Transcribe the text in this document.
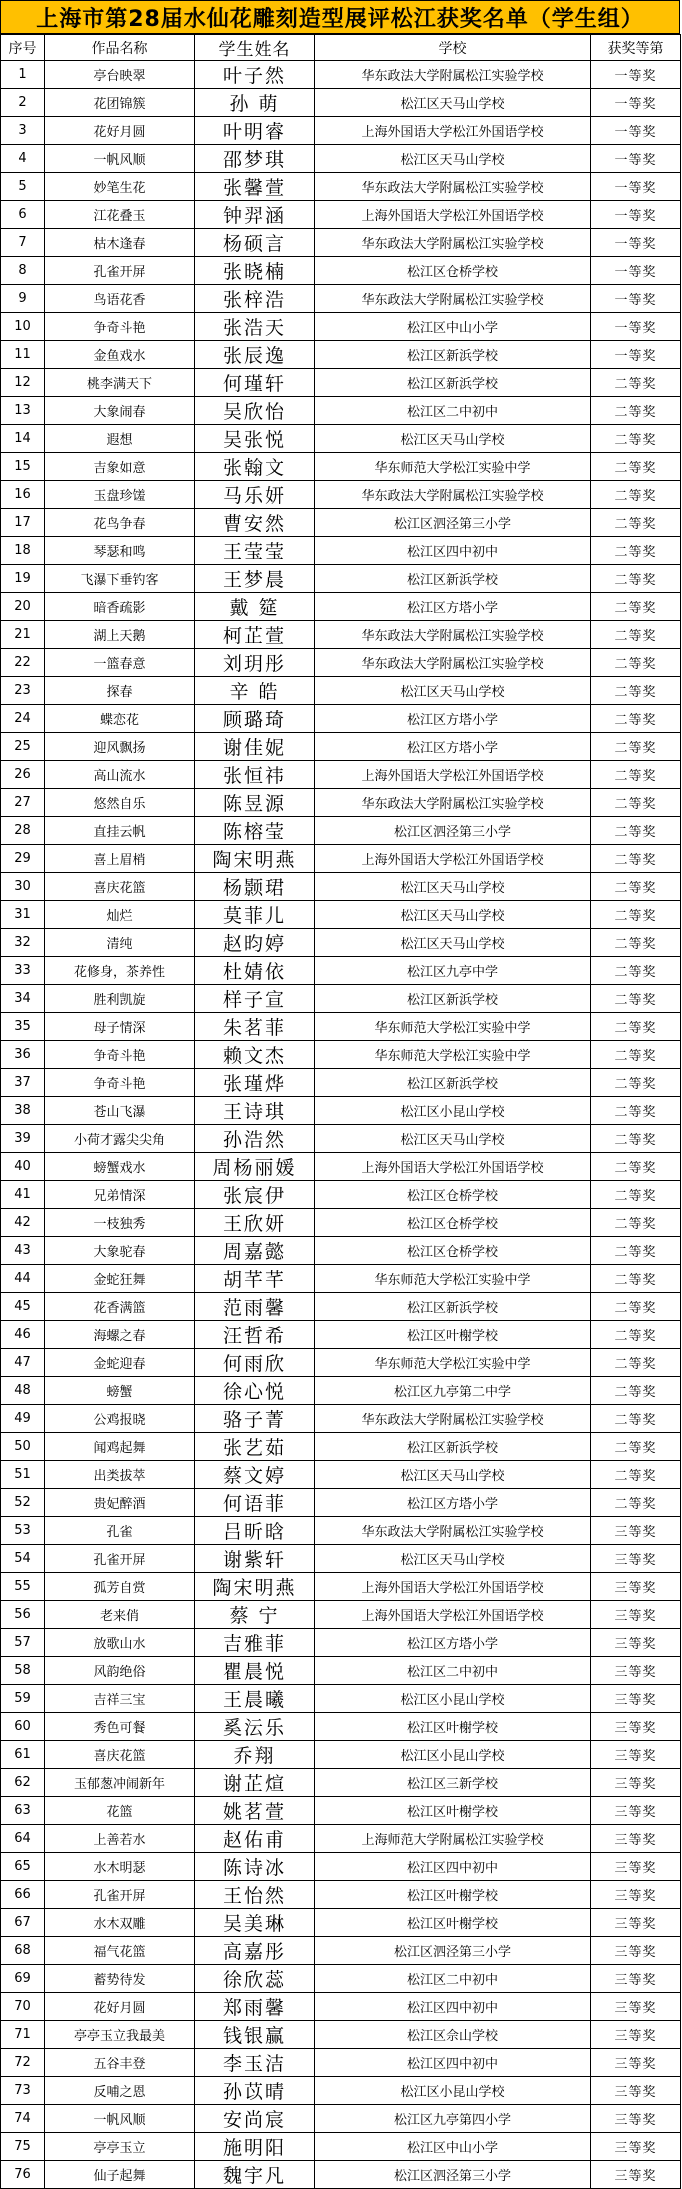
上海市第28届水仙花雕刻造型展评松江获奖名单（学生组）
序号	作品名称	学生姓名	学校	获奖等第
1	亭台映翠	叶子然	华东政法大学附属松江实验学校	一等奖
2	花团锦簇	孙 萌	松江区天马山学校	一等奖
3	花好月圆	叶明睿	上海外国语大学松江外国语学校	一等奖
4	一帆风顺	邵梦琪	松江区天马山学校	一等奖
5	妙笔生花	张馨萱	华东政法大学附属松江实验学校	一等奖
6	江花叠玉	钟羿涵	上海外国语大学松江外国语学校	一等奖
7	枯木逢春	杨硕言	华东政法大学附属松江实验学校	一等奖
8	孔雀开屏	张晓楠	松江区仓桥学校	一等奖
9	鸟语花香	张梓浩	华东政法大学附属松江实验学校	一等奖
10	争奇斗艳	张浩天	松江区中山小学	一等奖
11	金鱼戏水	张辰逸	松江区新浜学校	一等奖
12	桃李满天下	何瑾轩	松江区新浜学校	二等奖
13	大象闹春	吴欣怡	松江区二中初中	二等奖
14	遐想	吴张悦	松江区天马山学校	二等奖
15	吉象如意	张翰文	华东师范大学松江实验中学	二等奖
16	玉盘珍馐	马乐妍	华东政法大学附属松江实验学校	二等奖
17	花鸟争春	曹安然	松江区泗泾第三小学	二等奖
18	琴瑟和鸣	王莹莹	松江区四中初中	二等奖
19	飞瀑下垂钓客	王梦晨	松江区新浜学校	二等奖
20	暗香疏影	戴 筵	松江区方塔小学	二等奖
21	湖上天鹅	柯芷萱	华东政法大学附属松江实验学校	二等奖
22	一篮春意	刘玥彤	华东政法大学附属松江实验学校	二等奖
23	探春	辛 皓	松江区天马山学校	二等奖
24	蝶恋花	顾璐琦	松江区方塔小学	二等奖
25	迎风飘扬	谢佳妮	松江区方塔小学	二等奖
26	高山流水	张恒祎	上海外国语大学松江外国语学校	二等奖
27	悠然自乐	陈昱源	华东政法大学附属松江实验学校	二等奖
28	直挂云帆	陈榕莹	松江区泗泾第三小学	二等奖
29	喜上眉梢	陶宋明燕	上海外国语大学松江外国语学校	二等奖
30	喜庆花篮	杨颢珺	松江区天马山学校	二等奖
31	灿烂	莫菲儿	松江区天马山学校	二等奖
32	清纯	赵昀婷	松江区天马山学校	二等奖
33	花修身，茶养性	杜婧依	松江区九亭中学	二等奖
34	胜利凯旋	样子宣	松江区新浜学校	二等奖
35	母子情深	朱茗菲	华东师范大学松江实验中学	二等奖
36	争奇斗艳	赖文杰	华东师范大学松江实验中学	二等奖
37	争奇斗艳	张瑾烨	松江区新浜学校	二等奖
38	苍山飞瀑	王诗琪	松江区小昆山学校	二等奖
39	小荷才露尖尖角	孙浩然	松江区天马山学校	二等奖
40	螃蟹戏水	周杨丽媛	上海外国语大学松江外国语学校	二等奖
41	兄弟情深	张宸伊	松江区仓桥学校	二等奖
42	一枝独秀	王欣妍	松江区仓桥学校	二等奖
43	大象驼春	周嘉懿	松江区仓桥学校	二等奖
44	金蛇狂舞	胡芊芊	华东师范大学松江实验中学	二等奖
45	花香满篮	范雨馨	松江区新浜学校	二等奖
46	海螺之春	汪哲希	松江区叶榭学校	二等奖
47	金蛇迎春	何雨欣	华东师范大学松江实验中学	二等奖
48	螃蟹	徐心悦	松江区九亭第二中学	二等奖
49	公鸡报晓	骆子菁	华东政法大学附属松江实验学校	二等奖
50	闻鸡起舞	张艺茹	松江区新浜学校	二等奖
51	出类拔萃	蔡文婷	松江区天马山学校	二等奖
52	贵妃醉酒	何语菲	松江区方塔小学	二等奖
53	孔雀	吕昕晗	华东政法大学附属松江实验学校	三等奖
54	孔雀开屏	谢紫轩	松江区天马山学校	三等奖
55	孤芳自赏	陶宋明燕	上海外国语大学松江外国语学校	三等奖
56	老来俏	蔡 宁	上海外国语大学松江外国语学校	三等奖
57	放歌山水	吉雅菲	松江区方塔小学	三等奖
58	风韵绝俗	瞿晨悦	松江区二中初中	三等奖
59	吉祥三宝	王晨曦	松江区小昆山学校	三等奖
60	秀色可餐	奚沄乐	松江区叶榭学校	三等奖
61	喜庆花篮	乔翔	松江区小昆山学校	三等奖
62	玉郁葱冲闹新年	谢芷煊	松江区三新学校	三等奖
63	花篮	姚茗萱	松江区叶榭学校	三等奖
64	上善若水	赵佑甫	上海师范大学附属松江实验学校	三等奖
65	水木明瑟	陈诗冰	松江区四中初中	三等奖
66	孔雀开屏	王怡然	松江区叶榭学校	三等奖
67	水木双雕	吴美琳	松江区叶榭学校	三等奖
68	福气花篮	高嘉彤	松江区泗泾第三小学	三等奖
69	蓄势待发	徐欣蕊	松江区二中初中	三等奖
70	花好月圆	郑雨馨	松江区四中初中	三等奖
71	亭亭玉立我最美	钱银赢	松江区佘山学校	三等奖
72	五谷丰登	李玉洁	松江区四中初中	三等奖
73	反哺之恩	孙苡晴	松江区小昆山学校	三等奖
74	一帆风顺	安尚宸	松江区九亭第四小学	三等奖
75	亭亭玉立	施明阳	松江区中山小学	三等奖
76	仙子起舞	魏宇凡	松江区泗泾第三小学	三等奖
